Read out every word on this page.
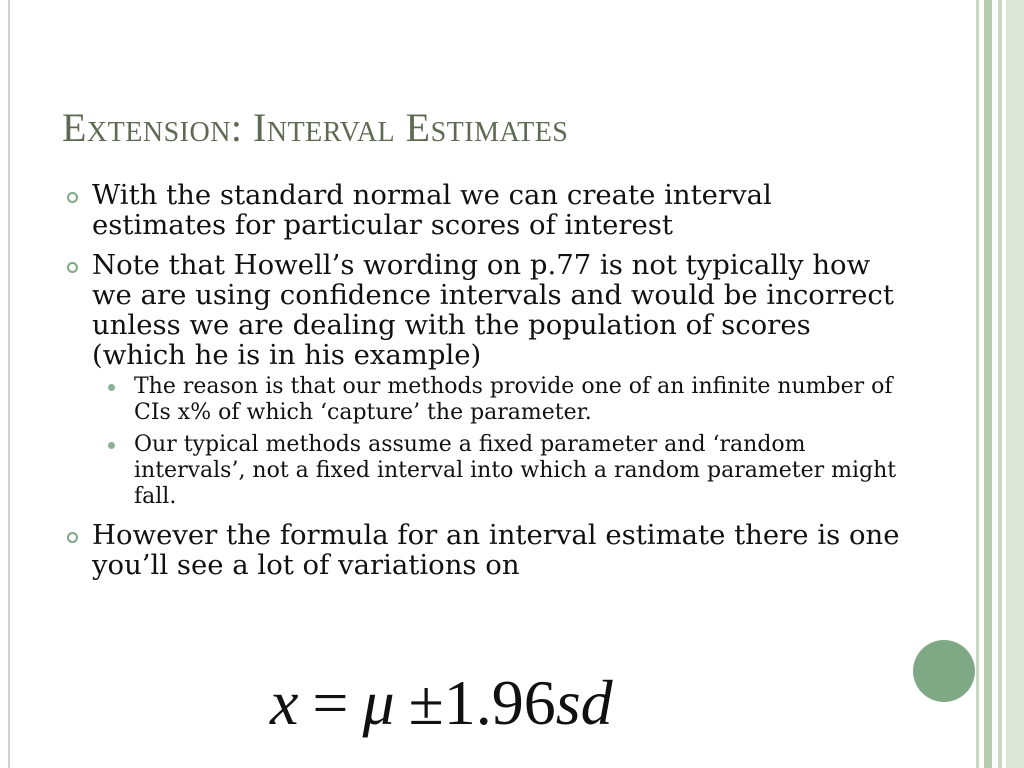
Extension: Interval Estimates
With the standard normal we can create interval estimates for particular scores of interest
Note that Howell’s wording on p.77 is not typically how we are using confidence intervals and would be incorrect unless we are dealing with the population of scores (which he is in his example)
The reason is that our methods provide one of an infinite number of CIs x% of which ‘capture’ the parameter.
Our typical methods assume a fixed parameter and ‘random intervals’, not a fixed interval into which a random parameter might fall.
However the formula for an interval estimate there is one you’ll see a lot of variations on
x = μ ±1.96sd
